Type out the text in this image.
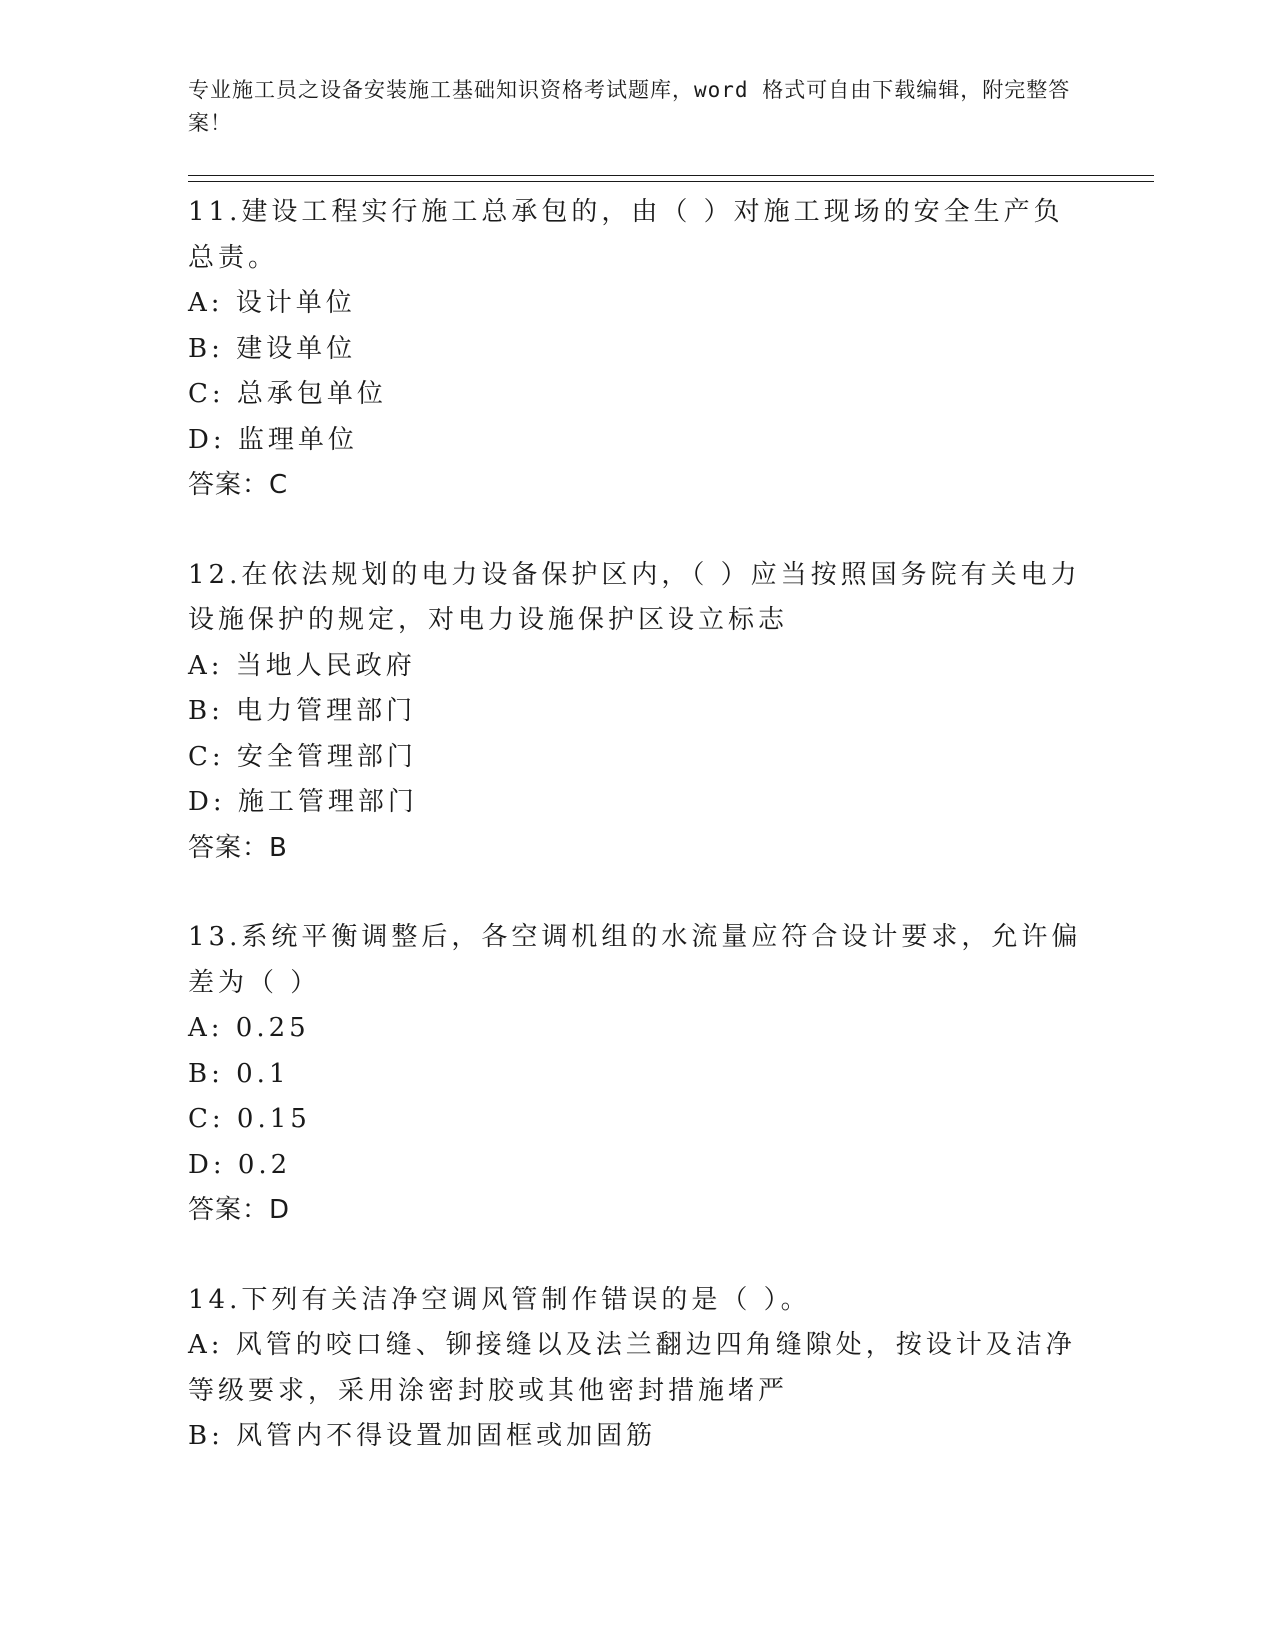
专业施工员之设备安装施工基础知识资格考试题库，word 格式可自由下载编辑，附完整答案！
11.建设工程实行施工总承包的，由（ ）对施工现场的安全生产负总责。
A: 设计单位
B: 建设单位
C: 总承包单位
D: 监理单位
答案：C
12.在依法规划的电力设备保护区内，（ ）应当按照国务院有关电力设施保护的规定，对电力设施保护区设立标志
A: 当地人民政府
B: 电力管理部门
C: 安全管理部门
D: 施工管理部门
答案：B
13.系统平衡调整后，各空调机组的水流量应符合设计要求，允许偏差为（ ）
A: 0.25
B: 0.1
C: 0.15
D: 0.2
答案：D
14.下列有关洁净空调风管制作错误的是（ ）。
A: 风管的咬口缝、铆接缝以及法兰翻边四角缝隙处，按设计及洁净等级要求，采用涂密封胶或其他密封措施堵严
B: 风管内不得设置加固框或加固筋
